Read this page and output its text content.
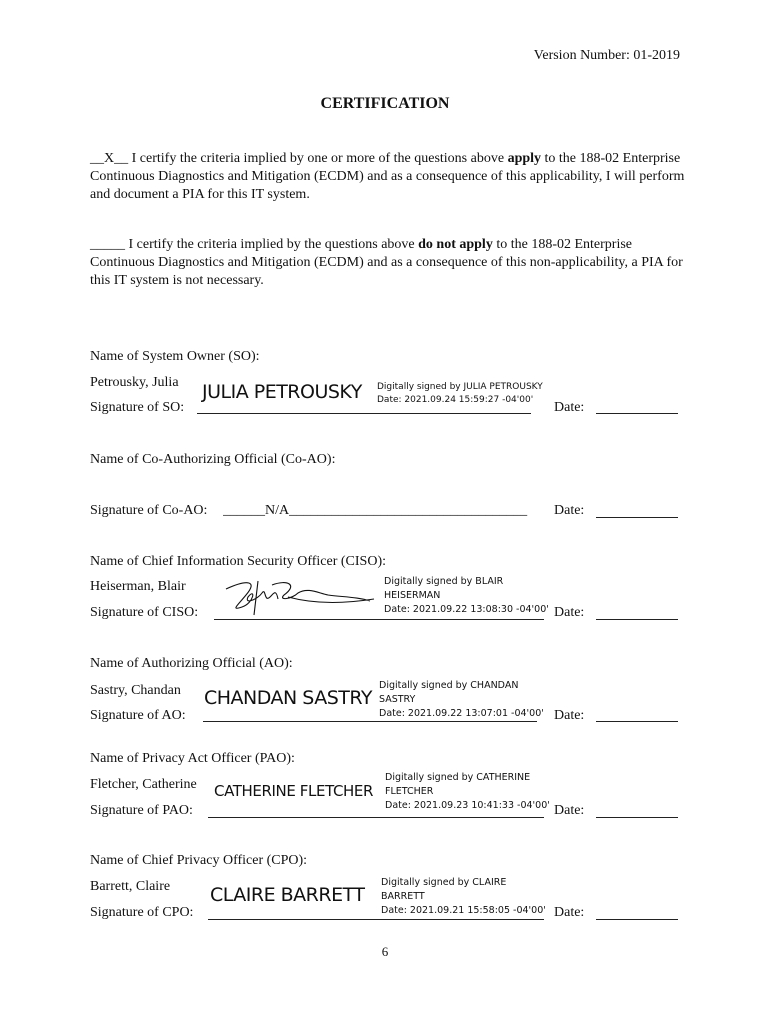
Version Number: 01-2019
CERTIFICATION
__X__ I certify the criteria implied by one or more of the questions above apply to the 188-02 Enterprise Continuous Diagnostics and Mitigation (ECDM) and as a consequence of this applicability, I will perform and document a PIA for this IT system.
_____ I certify the criteria implied by the questions above do not apply to the 188-02 Enterprise Continuous Diagnostics and Mitigation (ECDM) and as a consequence of this non-applicability, a PIA for this IT system is not necessary.
Name of System Owner (SO):
Petrousky, Julia
Signature of SO:
JULIA PETROUSKY Digitally signed by JULIA PETROUSKY
Date: 2021.09.24 15:59:27 -04'00'	Date:
Name of Co-Authorizing Official (Co-AO):
Signature of Co-AO: ______N/A__________________________________	Date:
Name of Chief Information Security Officer (CISO):
Heiserman, Blair
Signature of CISO:
Digitally signed by BLAIR
HEISERMAN
Date: 2021.09.22 13:08:30 -04'00' Date:
Name of Authorizing Official (AO):
Sastry, Chandan
Signature of AO:
CHANDAN SASTRY
Digitally signed by CHANDAN
SASTRY
Date: 2021.09.22 13:07:01 -04'00' Date:
Name of Privacy Act Officer (PAO):
Fletcher, Catherine
Signature of PAO:
CATHERINE FLETCHER
Digitally signed by CATHERINE
FLETCHER
Date: 2021.09.23 10:41:33 -04'00' Date:
Name of Chief Privacy Officer (CPO):
Barrett, Claire
Signature of CPO:
CLAIRE BARRETT
Digitally signed by CLAIRE
BARRETT
Date: 2021.09.21 15:58:05 -04'00' Date:
6
